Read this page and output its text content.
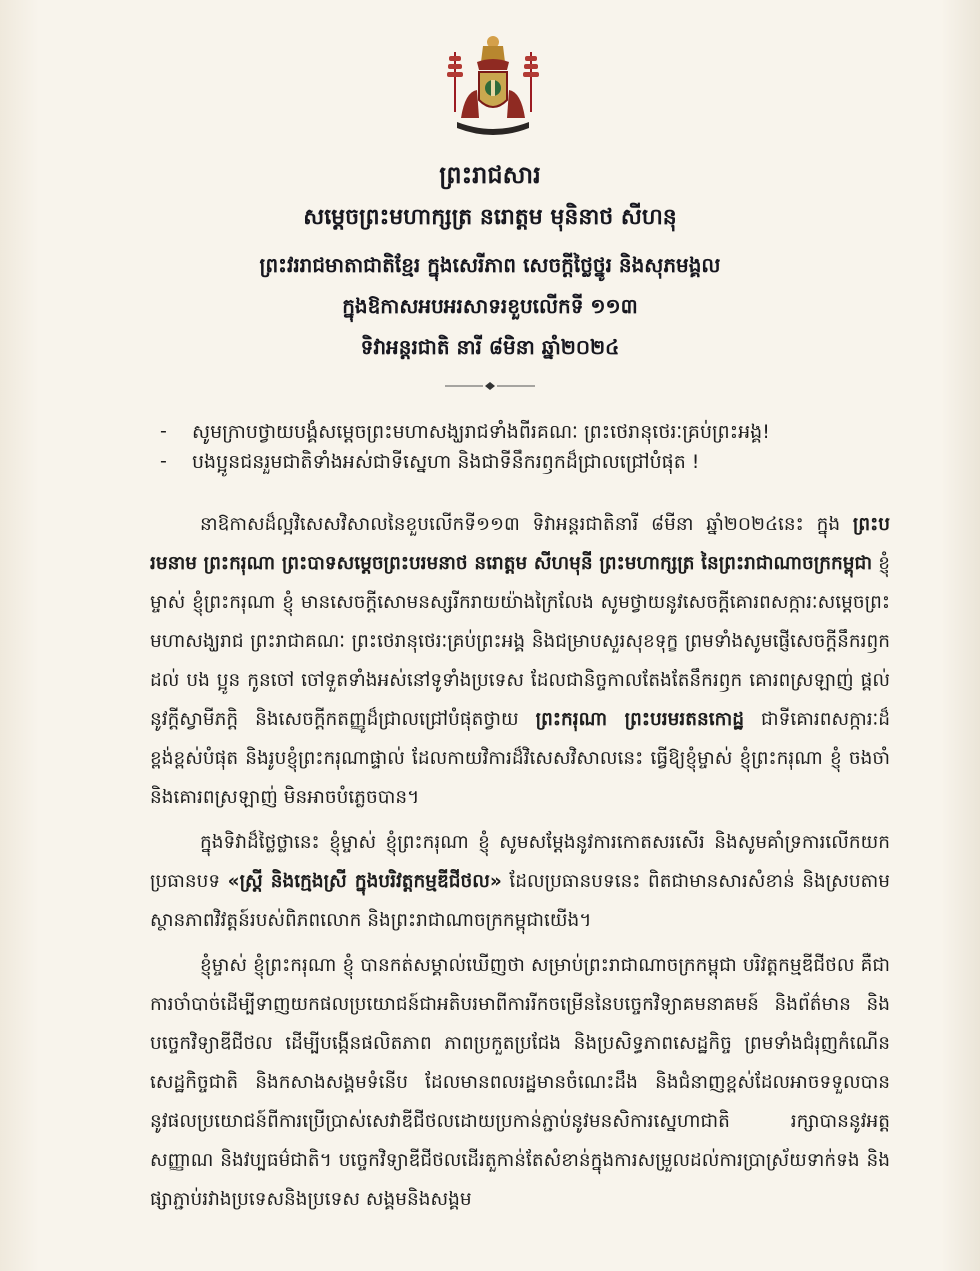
ព្រះរាជសារ
សម្តេចព្រះមហាក្សត្រ នរោត្តម មុនិនាថ សីហនុ
ព្រះវររាជមាតាជាតិខ្មែរ ក្នុងសេរីភាព សេចក្តីថ្លៃថ្នូរ និងសុភមង្គល
ក្នុងឱកាសអបអរសាទរខួបលើកទី ១១៣
ទិវាអន្តរជាតិ នារី ៨មិនា ឆ្នាំ២០២៤
-	សូមក្រាបថ្វាយបង្គំសម្តេចព្រះមហាសង្ឃរាជទាំងពីរគណៈ ព្រះថេរានុថេរៈគ្រប់ព្រះអង្គ!
-	បងប្អូនជនរួមជាតិទាំងអស់ជាទីស្នេហា និងជាទីនឹករឭកដ៏ជ្រាលជ្រៅបំផុត !

នាឱកាសដ៏ល្អវិសេសវិសាលនៃខួបលើកទី១១៣ ទិវាអន្តរជាតិនារី ៨មីនា ឆ្នាំ២០២៤នេះ ក្នុង ព្រះបរមនាម ព្រះករុណា ព្រះបាទសម្តេចព្រះបរមនាថ នរោត្តម សីហមុនី ព្រះមហាក្សត្រ នៃព្រះរាជាណាចក្រកម្ពុជា ខ្ញុំម្ចាស់ ខ្ញុំព្រះករុណា ខ្ញុំ មានសេចក្តីសោមនស្សរីករាយយ៉ាងក្រៃលែង សូមថ្វាយនូវសេចក្តីគោរពសក្ការៈសម្តេចព្រះមហាសង្ឃរាជ ព្រះរាជាគណៈ ព្រះថេរានុថេរៈគ្រប់ព្រះអង្គ និងជម្រាបសួរសុខទុក្ខ ព្រមទាំងសូមផ្ញើសេចក្តីនឹករឭកដល់ បង ប្អូន កូនចៅ ចៅទួតទាំងអស់នៅទូទាំងប្រទេស ដែលជានិច្ចកាលតែងតែនឹករឭក គោរពស្រឡាញ់ ផ្តល់នូវក្តីស្វាមីភក្តិ និងសេចក្តីកតញ្ញូដ៏ជ្រាលជ្រៅបំផុតថ្វាយ ព្រះករុណា ព្រះបរមរតនកោដ្ឋ ជាទីគោរពសក្ការៈដ៏ខ្ពង់ខ្ពស់បំផុត និងរូបខ្ញុំព្រះករុណាផ្ទាល់ ដែលកាយវិការដ៏វិសេសវិសាលនេះ ធ្វើឱ្យខ្ញុំម្ចាស់ ខ្ញុំព្រះករុណា ខ្ញុំ ចងចាំ និងគោរពស្រឡាញ់ មិនអាចបំភ្លេចបាន។

ក្នុងទិវាដ៏ថ្លៃថ្លានេះ ខ្ញុំម្ចាស់ ខ្ញុំព្រះករុណា ខ្ញុំ សូមសម្តែងនូវការកោតសរសើរ និងសូមគាំទ្រការលើកយកប្រធានបទ «ស្ត្រី និងក្មេងស្រី ក្នុងបរិវត្តកម្មឌីជីថល» ដែលប្រធានបទនេះ ពិតជាមានសារសំខាន់ និងស្របតាមស្ថានភាពវិវត្តន៍របស់ពិភពលោក និងព្រះរាជាណាចក្រកម្ពុជាយើង។

ខ្ញុំម្ចាស់ ខ្ញុំព្រះករុណា ខ្ញុំ បានកត់សម្គាល់ឃើញថា សម្រាប់ព្រះរាជាណាចក្រកម្ពុជា បរិវត្តកម្មឌីជីថល គឺជាការចាំបាច់ដើម្បីទាញយកផលប្រយោជន៍ជាអតិបរមាពីការរីកចម្រើននៃបច្ចេកវិទ្យាគមនាគមន៍ និងព័ត៌មាន និងបច្ចេកវិទ្យាឌីជីថល ដើម្បីបង្កើនផលិតភាព ភាពប្រកួតប្រជែង និងប្រសិទ្ធភាពសេដ្ឋកិច្ច ព្រមទាំងជំរុញកំណើនសេដ្ឋកិច្ចជាតិ និងកសាងសង្គមទំនើប ដែលមានពលរដ្ឋមានចំណេះដឹង និងជំនាញខ្ពស់ដែលអាចទទួលបាននូវផលប្រយោជន៍ពីការប្រើប្រាស់សេវាឌីជីថលដោយប្រកាន់ភ្ជាប់នូវមនសិការស្នេហាជាតិ រក្សាបាននូវអត្តសញ្ញាណ និងវប្បធម៌ជាតិ។ បច្ចេកវិទ្យាឌីជីថលដើរតួកាន់តែសំខាន់ក្នុងការសម្រួលដល់ការប្រាស្រ័យទាក់ទង និងផ្សាភ្ជាប់រវាងប្រទេសនិងប្រទេស សង្គមនិងសង្គម
